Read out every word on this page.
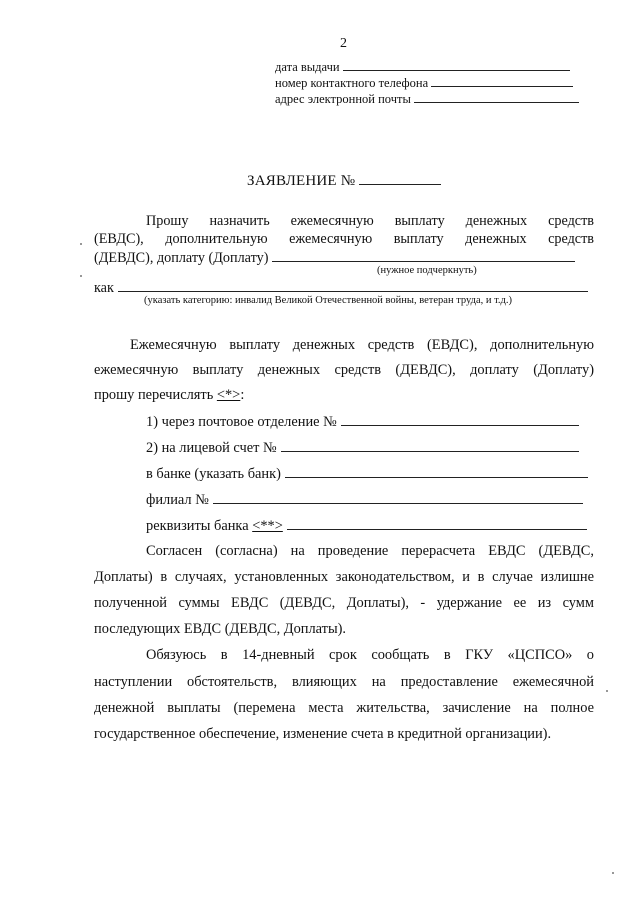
2
дата выдачи
номер контактного телефона
адрес электронной почты
ЗАЯВЛЕНИЕ №
Прошу назначить ежемесячную выплату денежных средств
(ЕВДС), дополнительную ежемесячную выплату денежных средств
(ДЕВДС), доплату (Доплату)
(нужное подчеркнуть)
как
(указать категорию: инвалид Великой Отечественной войны, ветеран труда, и т.д.)
Ежемесячную выплату денежных средств (ЕВДС), дополнительную
ежемесячную выплату денежных средств (ДЕВДС), доплату (Доплату)
прошу перечислять <*>:
1) через почтовое отделение №
2) на лицевой счет №
в банке (указать банк)
филиал №
реквизиты банка <**>
Согласен (согласна) на проведение перерасчета ЕВДС (ДЕВДС,
Доплаты) в случаях, установленных законодательством, и в случае излишне
полученной суммы ЕВДС (ДЕВДС, Доплаты), - удержание ее из сумм
последующих ЕВДС (ДЕВДС, Доплаты).
Обязуюсь в 14-дневный срок сообщать в ГКУ «ЦСПСО» о
наступлении обстоятельств, влияющих на предоставление ежемесячной
денежной выплаты (перемена места жительства, зачисление на полное
государственное обеспечение, изменение счета в кредитной организации).
